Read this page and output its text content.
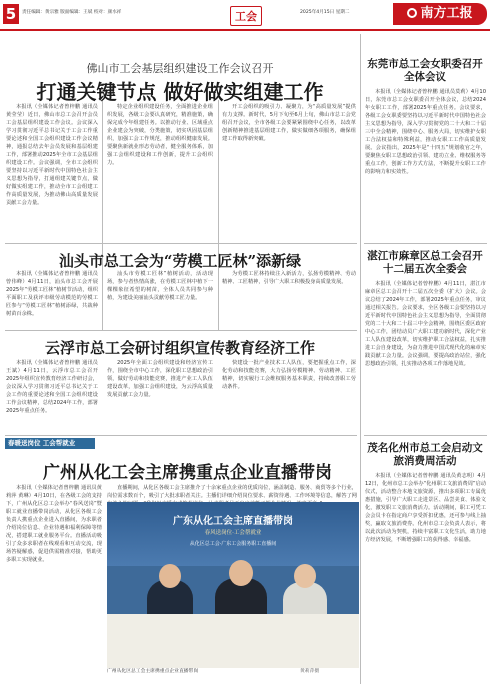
5	责任编辑：黄宗雅 版面编辑：王斌 校对：颜水祥	工会	2025年4月15日 星期二	南方工报
佛山市工会基层组织建设工作会议召开
打通关键节点 做好做实组建工作
本报讯（全媒体记者曾梓鹏 通讯员黄莹莹）近日，佛山市总工会召开会员工会基层组织建设工作会议。会议深入学习贯彻习近平总书记关于工会工作重要论述和全国工会组织建设工作会议精神，通报总结去年会员发展和基层组建工作，部署推动2025年全市工会基层组织建设工作。会议强调，全市工会组织要坚持以习近平新时代中国特色社会主义思想为指导，打通组建关键节点，做好做实组建工作，推动全市工会组建工作高质量发展，为推动佛山高质量发展贡献工会力量。
特定企业组织建设任务，全面推进企业组织发展，各级工会要认真研究，精准施策，确保完成今年组建任务。以推动行业、区域重点企业建会为突破，分类施策，切实巩固基层组织，加强工会工作规范，推动组织健康发展。要聚焦新就业形态劳动者，健全服务体系，加强工会组织建设和工作创新，提升工会组织力。
开工会组织的吸引力、凝聚力，为“高质量发展”提供有力支撑。新时代，5月下旬至6月上旬，佛山市总工会党组召开会议，全市各级工会要紧紧围绕中心任务，以改革创新精神推进基层组建工作，做实做细各项服务，确保组建工作取得新突破。
汕头市总工会为“劳模工匠林”添新绿
本报讯（全媒体记者曾梓鹏 通讯员曾伟峰）4月11日，汕头市总工会开展2025年“劳模工匠林”植树节活动，组织平面职工及获评市级劳动模范的劳模工匠参与“劳模工匠林”植树添绿，共栽种树苗百余株。
汕头市劳模工匠林”植树活动，活动现场，参与者热情高涨，在劳模工匠林中植下一棵棵象征希望的树苗，全体人员共同参与种植，为建设美丽汕头贡献劳模工匠力量。
为劳模工匠林持续注入新活力，弘扬劳模精神、劳动精神、工匠精神，引导广大职工积极投身高质量发展。
云浮市总工会研讨组织宣传教育经济工作
本报讯（全媒体记者曾梓鹏 通讯员王斌）4月11日，云浮市总工会召开2025年组织宣传教育经济工作研讨会，会议深入学习贯彻习近平总书记关于工会工作的重要论述和全国工会组织建设工作会议精神，总结2024年工作，部署2025年重点任务。
2025年全面工会组织建设和经济宣传工作，围绕全市中心工作，深化职工思想政治引领，做好劳动和技能竞赛，推进产业工人队伍建设改革，加强工会组织建设，为云浮高质量发展贡献工会力量。
快建设一批产业技术工人队伍，要把握重点工作，深化劳动和技能竞赛，大力弘扬劳模精神、劳动精神、工匠精神，切实履行工会维权服务基本职责，持续改善职工劳动条件。
春暖送岗位 工会帮就业
广州从化工会主席携重点企业直播带岗
本报讯（全媒体记者曾梓鹏 通讯员黄莉萍 黄琳）4月10日，在各级工会的支持下，广州从化区总工会举办“春风送岗”暨职工就业直播带岗活动，从化区各级工会负责人携重点企业进入直播间，为求职者介绍岗位信息、企业待遇和福利保障等情况，搭建职工就业服务平台。直播活动吸引了众多求职者在线观看和互动交流，现场答疑解惑，促进供需精准对接，帮助更多职工实现就业。
直播期间，从化区各级工会主席推介了十余家重点企业的优质岗位，涵盖制造、服务、商贸等多个行业，岗位需求数百个，吸引了大批求职者关注。主播们详细介绍岗位要求、薪资待遇、工作环境等信息，解答了网
广东从化工会主席直播带岗
春风送岗位·工会帮就业
从化区总工会·广东工会服务职工直播间
广州从化区总工会主席携重点企业直播带岗	黄莉萍摄
东莞市总工会女职委召开全体会议
本报讯（全媒体记者曾梓鹏 通讯员莫莉）4月10日，东莞市总工会女职委召开全体会议，总结2024年女职工工作，部署2025年重点任务。会议要求，各级工会女职委要坚持以习近平新时代中国特色社会主义思想为指导，深入学习贯彻党的二十大和二十届三中全会精神，围绕中心、服务大局，切实维护女职工合法权益和特殊利益，推动女职工工作高质量发展。会议指出，2025年是“十四五”规划收官之年，要聚焦女职工思想政治引领、建功立业、维权服务等重点工作，创新工作方式方法，不断提升女职工工作的影响力和实效性。
湛江市麻章区总工会召开十二届五次全委会
本报讯（全媒体记者曾梓鹏）4月11日，湛江市麻章区总工会召开十二届五次全委（扩大）会议。会议总结了2024年工作，部署2025年重点任务，审议通过相关报告。会议要求，全区各级工会要坚持以习近平新时代中国特色社会主义思想为指导，全面贯彻党的二十大和二十届三中全会精神，围绕区委区政府中心工作，团结动员广大职工建功新时代，深化产业工人队伍建设改革，切实维护职工合法权益，扎实推进工会自身建设，为奋力推进中国式现代化的麻章实践贡献工会力量。会议强调，要提高政治站位，强化思想政治引领，扎实推动各项工作落地见效。
茂名化州市总工会启动文旅消费周活动
本报讯（全媒体记者曾梓鹏 通讯员黄志明）4月12日，化州市总工会举办“化州职工文旅消费周”启动仪式，活动整合本地文旅资源，推出多项职工专属优惠措施，引导广大职工走进景区、品尝美食、体验文化，激发职工文旅消费活力。活动期间，职工可凭工会会员卡在指定商户享受折扣优惠，还可参与线上抽奖，赢取文旅消费券。化州市总工会负责人表示，将以此次活动为契机，持续丰富职工文化生活，助力地方经济发展，不断增强职工的获得感、幸福感。
